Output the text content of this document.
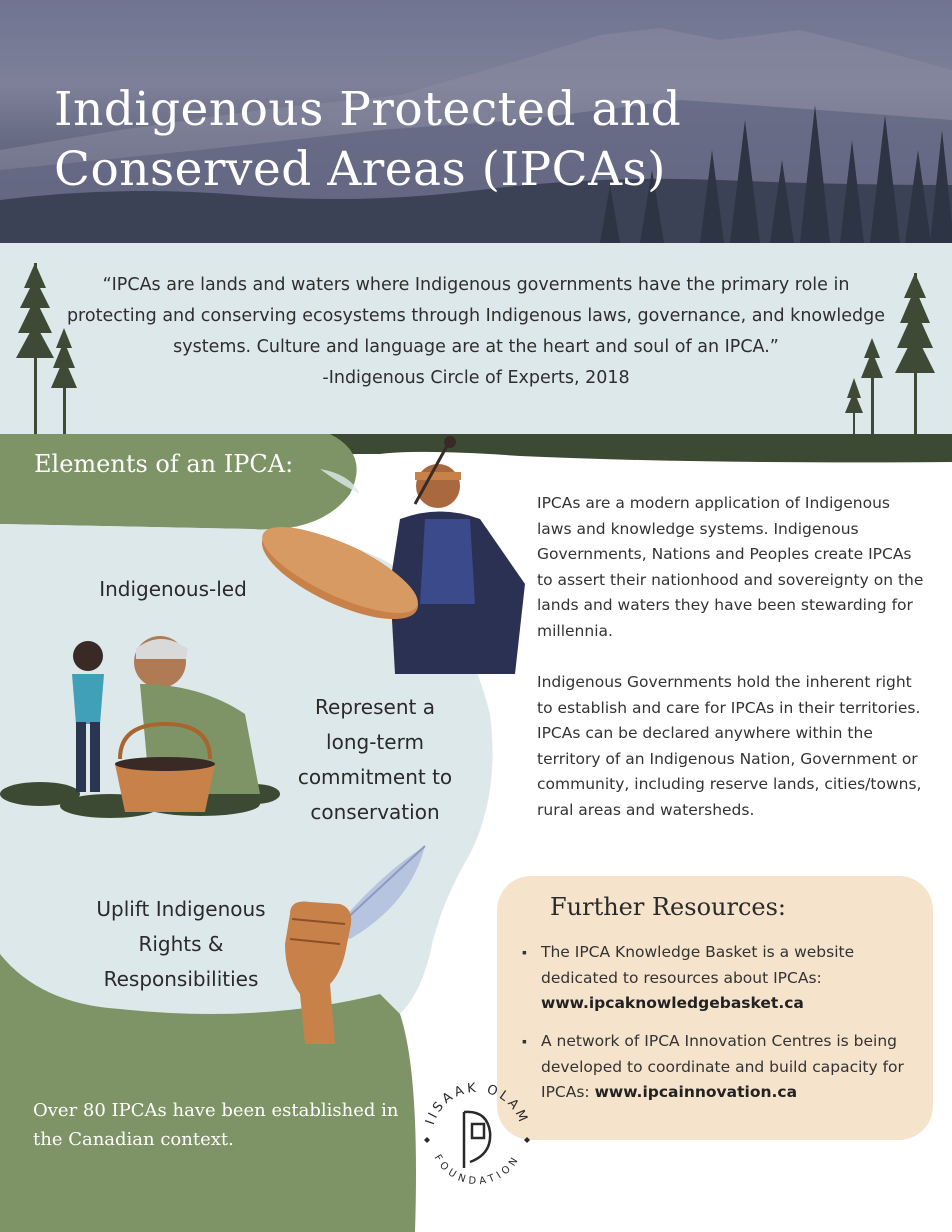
Indigenous Protected and
Conserved Areas (IPCAs)
“IPCAs are lands and waters where Indigenous governments have the primary role in protecting and conserving ecosystems through Indigenous laws, governance, and knowledge systems. Culture and language are at the heart and soul of an IPCA.”
-Indigenous Circle of Experts, 2018
Elements of an IPCA:
Indigenous-led
Represent a
long-term
commitment to
conservation
Uplift Indigenous
Rights &
Responsibilities

IPCAs are a modern application of Indigenous laws and knowledge systems. Indigenous Governments, Nations and Peoples create IPCAs to assert their nationhood and sovereignty on the lands and waters they have been stewarding for millennia.

Indigenous Governments hold the inherent right to establish and care for IPCAs in their territories. IPCAs can be declared anywhere within the territory of an Indigenous Nation, Government or community, including reserve lands, cities/towns, rural areas and watersheds.

Further Resources:
▪ The IPCA Knowledge Basket is a website dedicated to resources about IPCAs:
www.ipcaknowledgebasket.ca
▪ A network of IPCA Innovation Centres is being developed to coordinate and build capacity for IPCAs: www.ipcainnovation.ca

Over 80 IPCAs have been established in the Canadian context.

IISAAK OLAM
FOUNDATION
